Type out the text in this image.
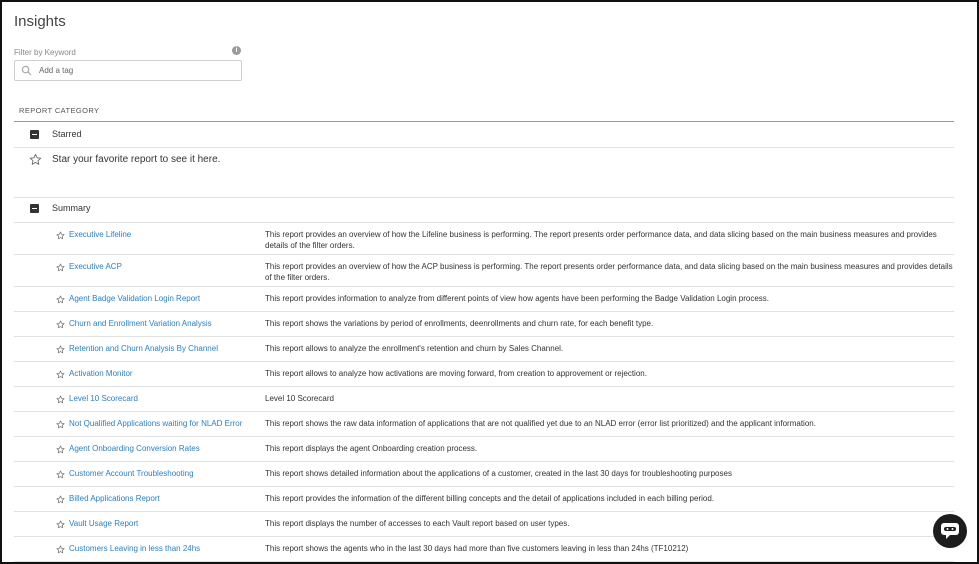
Insights
Filter by Keyword	i
Add a tag
REPORT CATEGORY
Starred
Star your favorite report to see it here.
Summary
Executive Lifeline	This report provides an overview of how the Lifeline business is performing. The report presents order performance data, and data slicing based on the main business measures and provides details of the filter orders.
Executive ACP	This report provides an overview of how the ACP business is performing. The report presents order performance data, and data slicing based on the main business measures and provides details of the filter orders.
Agent Badge Validation Login Report	This report provides information to analyze from different points of view how agents have been performing the Badge Validation Login process.
Churn and Enrollment Variation Analysis	This report shows the variations by period of enrollments, deenrollments and churn rate, for each benefit type.
Retention and Churn Analysis By Channel	This report allows to analyze the enrollment's retention and churn by Sales Channel.
Activation Monitor	This report allows to analyze how activations are moving forward, from creation to approvement or rejection.
Level 10 Scorecard	Level 10 Scorecard
Not Qualified Applications waiting for NLAD Error	This report shows the raw data information of applications that are not qualified yet due to an NLAD error (error list prioritized) and the applicant information.
Agent Onboarding Conversion Rates	This report displays the agent Onboarding creation process.
Customer Account Troubleshooting	This report shows detailed information about the applications of a customer, created in the last 30 days for troubleshooting purposes
Billed Applications Report	This report provides the information of the different billing concepts and the detail of applications included in each billing period.
Vault Usage Report	This report displays the number of accesses to each Vault report based on user types.
Customers Leaving in less than 24hs	This report shows the agents who in the last 30 days had more than five customers leaving in less than 24hs (TF10212)
